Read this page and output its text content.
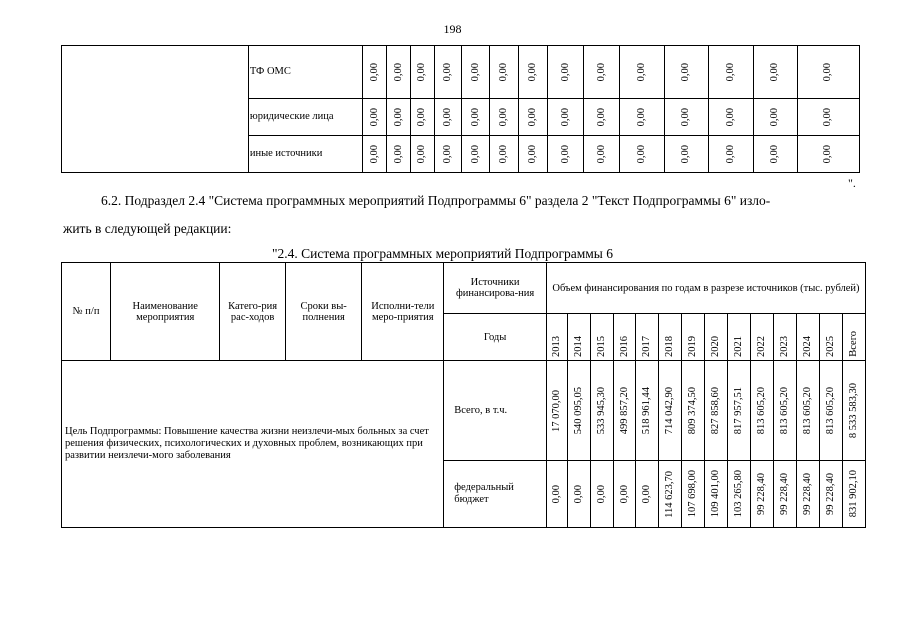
198
	ТФ ОМС	0,00	0,00	0,00	0,00	0,00	0,00	0,00	0,00	0,00	0,00	0,00	0,00	0,00	0,00

	юридические лица	0,00	0,00	0,00	0,00	0,00	0,00	0,00	0,00	0,00	0,00	0,00	0,00	0,00	0,00

	иные источники	0,00	0,00	0,00	0,00	0,00	0,00	0,00	0,00	0,00	0,00	0,00	0,00	0,00	0,00
".
6.2. Подраздел 2.4 "Система программных мероприятий Подпрограммы 6" раздела 2 "Текст Подпрограммы 6" изло-
жить в следующей редакции:
"2.4. Система программных мероприятий Подпрограммы 6
№ п/п	Наименование мероприятия	Катего-рия рас-ходов	Сроки вы-полнения	Исполни-тели меро-приятия	Источники финансирова-ния	Объем финансирования по годам в разрезе источников (тыс. рублей)													
					Годы	2013	2014	2015	2016	2017	2018	2019	2020	2021	2022	2023	2024	2025	Всего

Цель Подпрограммы: Повышение качества жизни неизлечи-мых больных за счет решения физических, психологических и духовных проблем, возникающих при развитии неизлечи-мого заболевания					Всего, в т.ч.	17 070,00	540 095,05	533 945,30	499 857,20	518 961,44	714 042,90	809 374,50	827 858,60	817 957,51	813 605,20	813 605,20	813 605,20	813 605,20	8 533 583,30

					федеральный бюджет	0,00	0,00	0,00	0,00	0,00	114 623,70	107 698,00	109 401,00	103 265,80	99 228,40	99 228,40	99 228,40	99 228,40	831 902,10
